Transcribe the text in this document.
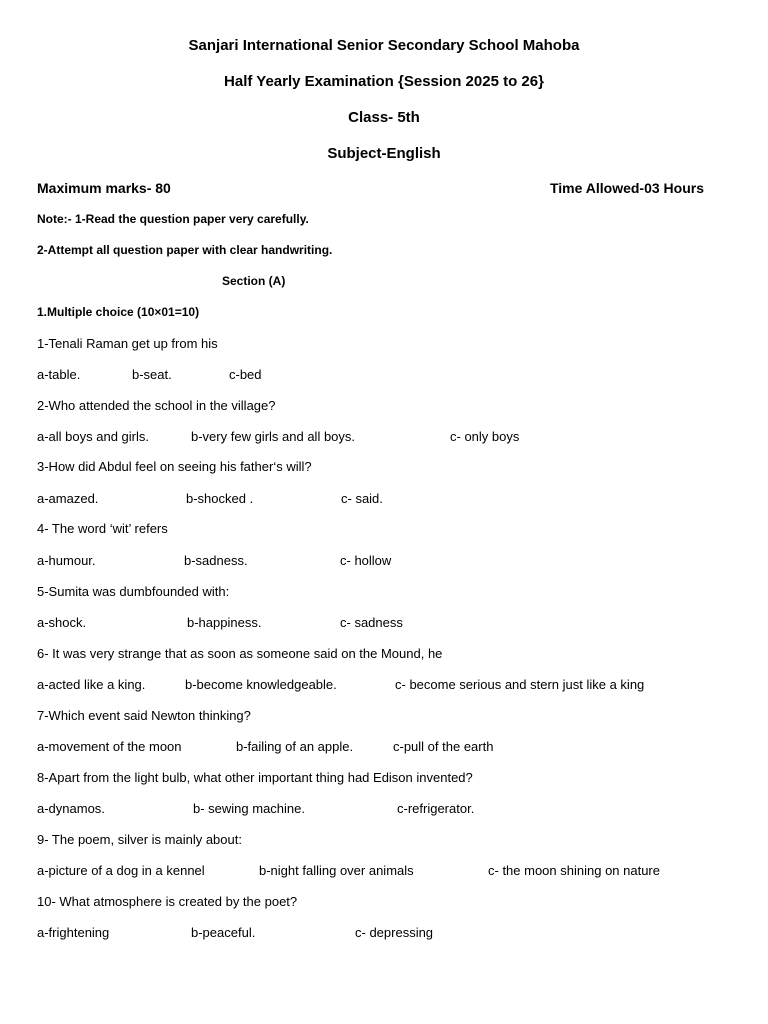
Sanjari International Senior Secondary School Mahoba
Half Yearly Examination {Session 2025 to 26}
Class- 5th
Subject-English
Maximum marks- 80	Time Allowed-03 Hours
Note:- 1-Read the question paper very carefully.
2-Attempt all question paper with clear handwriting.
Section (A)
1.Multiple choice (10×01=10)
1-Tenali Raman get up from his
a-table.	b-seat.	c-bed
2-Who attended the school in the village?
a-all boys and girls.	b-very few girls and all boys.	c- only boys
3-How did Abdul feel on seeing his father‘s will?
a-amazed.	b-shocked .	c- said.
4- The word ‘wit’ refers
a-humour.	b-sadness.	c- hollow
5-Sumita was dumbfounded with:
a-shock.	b-happiness.	c- sadness
6- It was very strange that as soon as someone said on the Mound, he
a-acted like a king.	b-become knowledgeable.	c- become serious and stern just like a king
7-Which event said Newton thinking?
a-movement of the moon	b-failing of an apple.	c-pull of the earth
8-Apart from the light bulb, what other important thing had Edison invented?
a-dynamos.	b- sewing machine.	c-refrigerator.
9- The poem, silver is mainly about:
a-picture of a dog in a kennel	b-night falling over animals	c- the moon shining on nature
10- What atmosphere is created by the poet?
a-frightening	b-peaceful.	c- depressing
